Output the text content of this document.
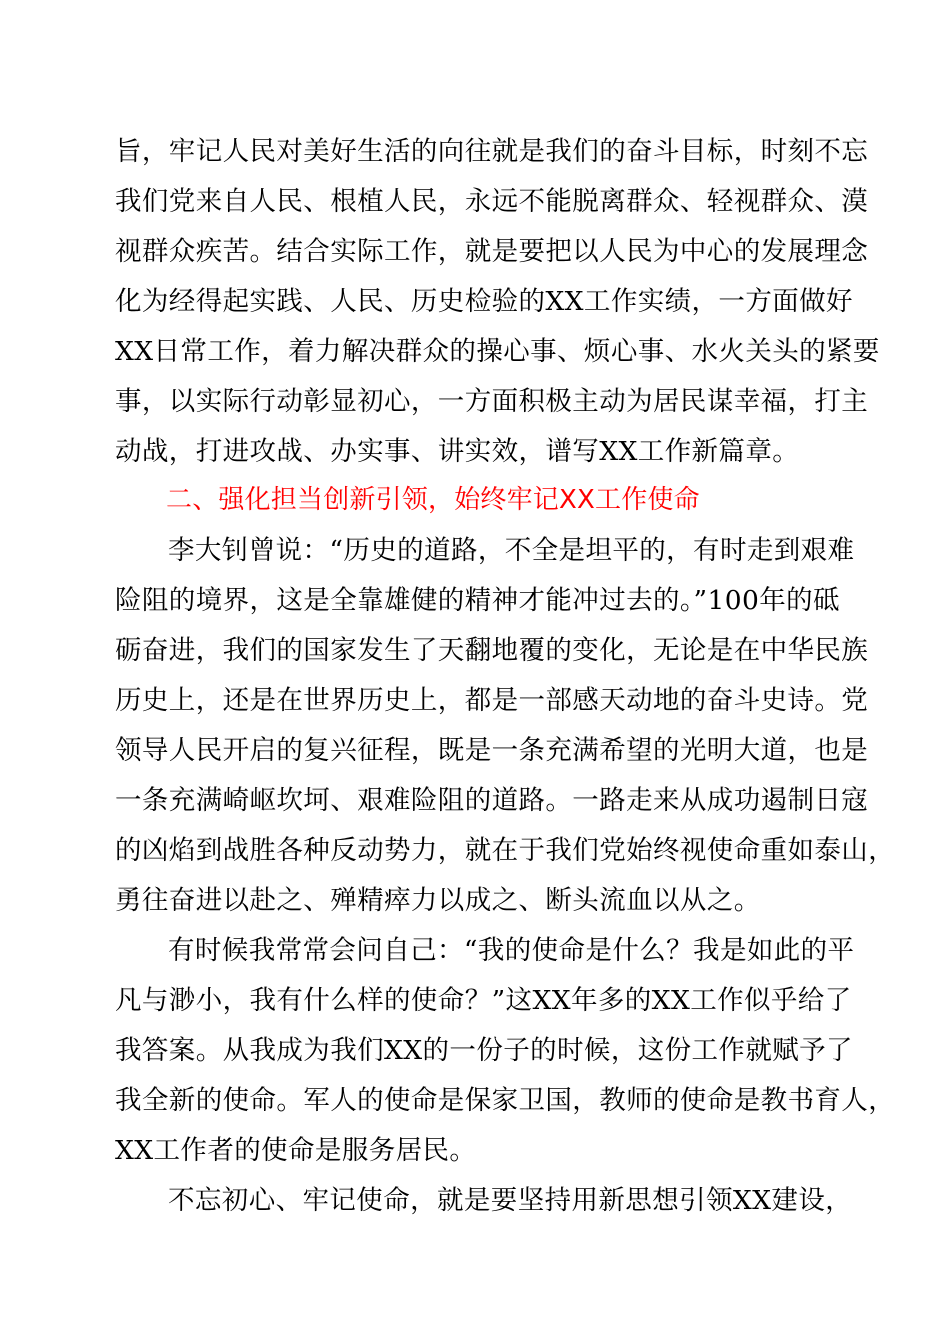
旨，牢记人民对美好生活的向往就是我们的奋斗目标，时刻不忘
我们党来自人民、根植人民，永远不能脱离群众、轻视群众、漠
视群众疾苦。结合实际工作，就是要把以人民为中心的发展理念
化为经得起实践、人民、历史检验的XX工作实绩，一方面做好
XX日常工作，着力解决群众的操心事、烦心事、水火关头的紧要
事，以实际行动彰显初心，一方面积极主动为居民谋幸福，打主
动战，打进攻战、办实事、讲实效，谱写XX工作新篇章。
二、强化担当创新引领，始终牢记XX工作使命
李大钊曾说：“历史的道路，不全是坦平的，有时走到艰难
险阻的境界，这是全靠雄健的精神才能冲过去的。”100年的砥
砺奋进，我们的国家发生了天翻地覆的变化，无论是在中华民族
历史上，还是在世界历史上，都是一部感天动地的奋斗史诗。党
领导人民开启的复兴征程，既是一条充满希望的光明大道，也是
一条充满崎岖坎坷、艰难险阻的道路。一路走来从成功遏制日寇
的凶焰到战胜各种反动势力，就在于我们党始终视使命重如泰山，
勇往奋进以赴之、殚精瘁力以成之、断头流血以从之。
有时候我常常会问自己：“我的使命是什么？我是如此的平
凡与渺小，我有什么样的使命？”这XX年多的XX工作似乎给了
我答案。从我成为我们XX的一份子的时候，这份工作就赋予了
我全新的使命。军人的使命是保家卫国，教师的使命是教书育人，
XX工作者的使命是服务居民。
不忘初心、牢记使命，就是要坚持用新思想引领XX建设，
